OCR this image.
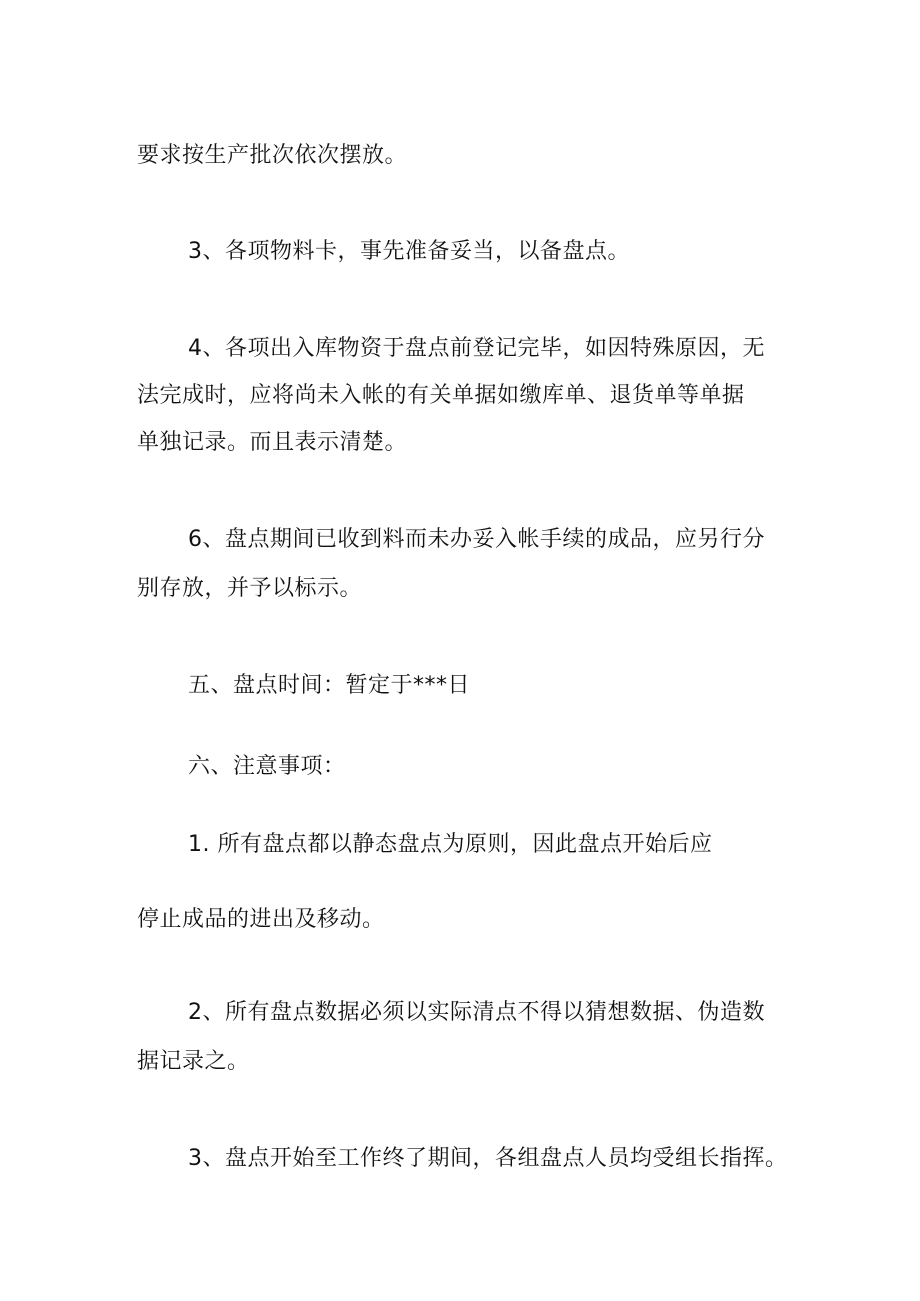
要求按生产批次依次摆放。
3、各项物料卡，事先准备妥当，以备盘点。
4、各项出入库物资于盘点前登记完毕，如因特殊原因，无
法完成时，应将尚未入帐的有关单据如缴库单、退货单等单据
单独记录。而且表示清楚。
6、盘点期间已收到料而未办妥入帐手续的成品，应另行分
别存放，并予以标示。
五、盘点时间：暂定于***日
六、注意事项：
1. 所有盘点都以静态盘点为原则，因此盘点开始后应
停止成品的进出及移动。
2、所有盘点数据必须以实际清点不得以猜想数据、伪造数
据记录之。
3、盘点开始至工作终了期间，各组盘点人员均受组长指挥。
